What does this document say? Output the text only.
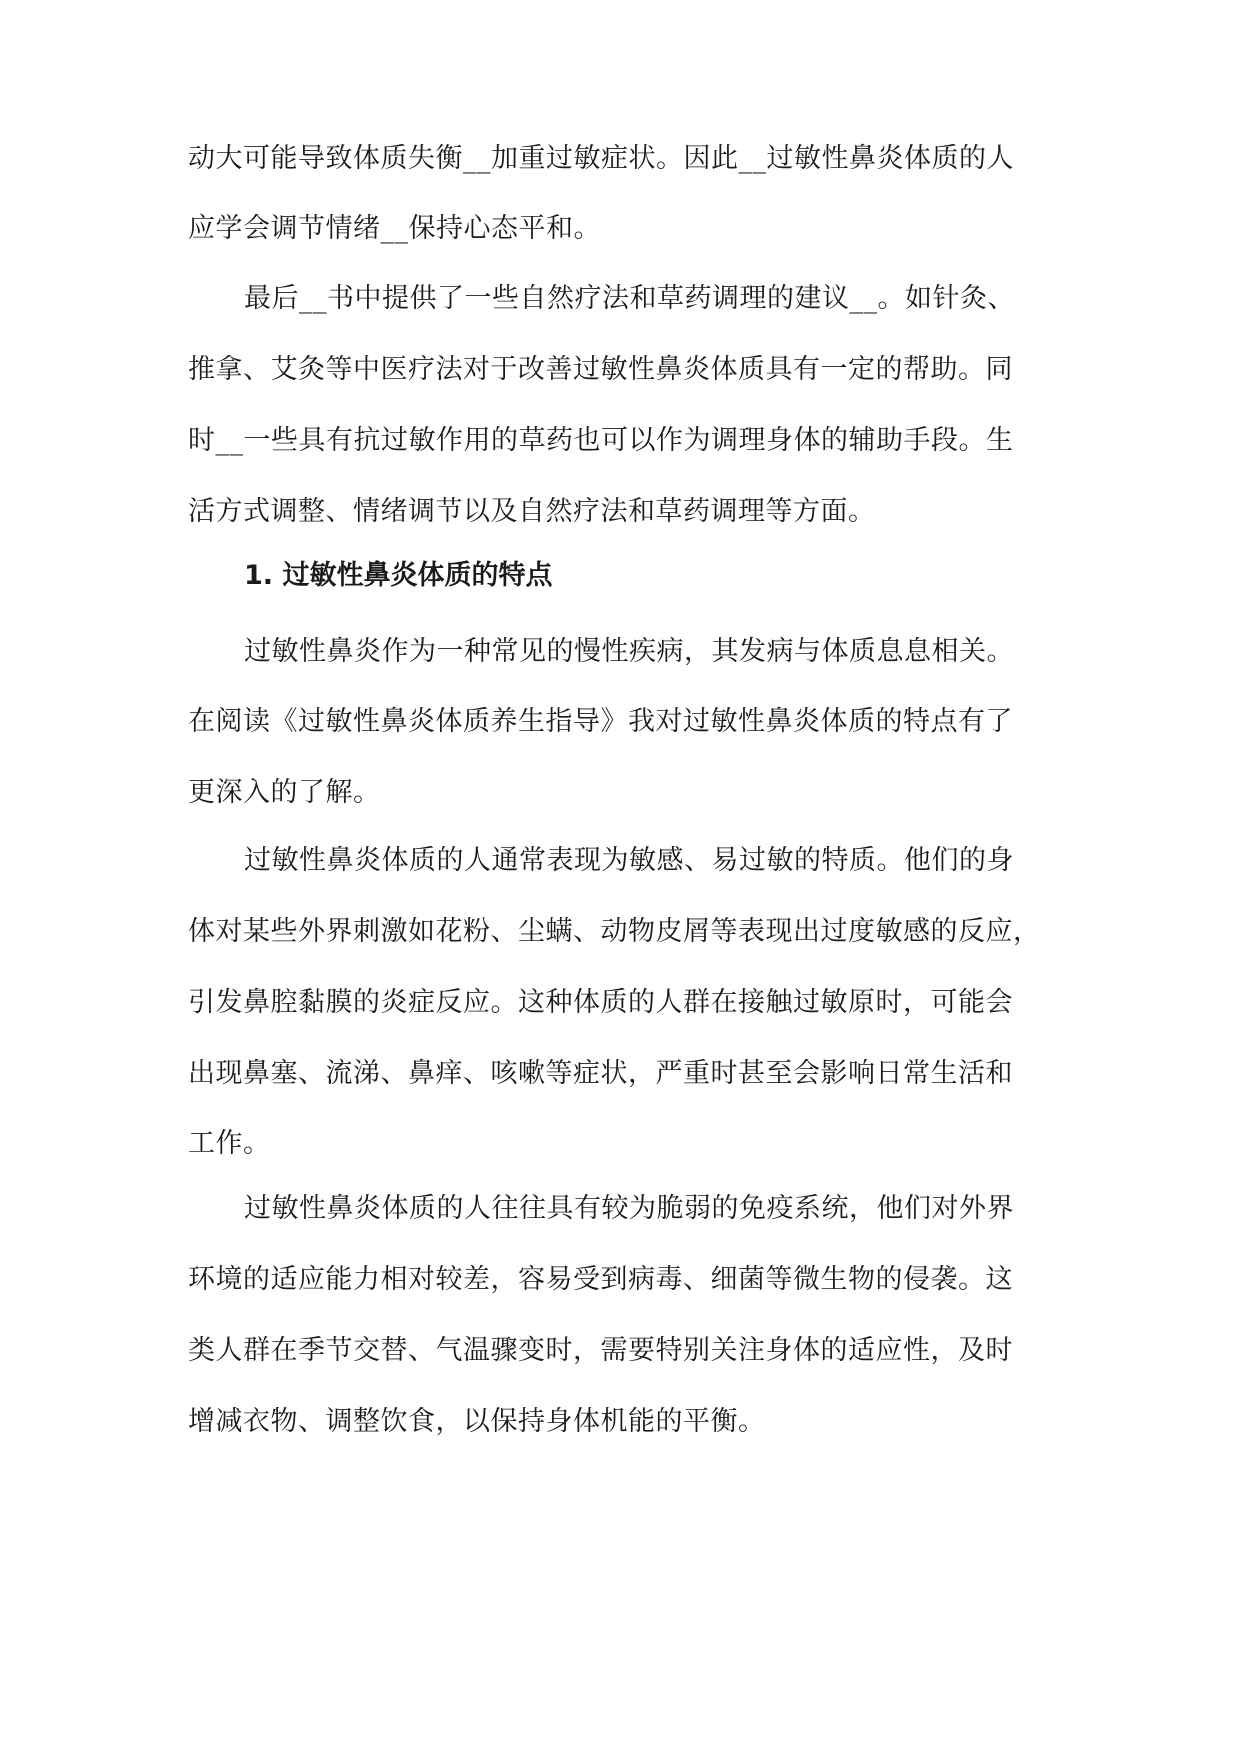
动大可能导致体质失衡__加重过敏症状。因此__过敏性鼻炎体质的人
应学会调节情绪__保持心态平和。
最后__书中提供了一些自然疗法和草药调理的建议__。如针灸、
推拿、艾灸等中医疗法对于改善过敏性鼻炎体质具有一定的帮助。同
时__一些具有抗过敏作用的草药也可以作为调理身体的辅助手段。生
活方式调整、情绪调节以及自然疗法和草药调理等方面。
1. 过敏性鼻炎体质的特点
过敏性鼻炎作为一种常见的慢性疾病，其发病与体质息息相关。
在阅读《过敏性鼻炎体质养生指导》我对过敏性鼻炎体质的特点有了
更深入的了解。
过敏性鼻炎体质的人通常表现为敏感、易过敏的特质。他们的身
体对某些外界刺激如花粉、尘螨、动物皮屑等表现出过度敏感的反应，
引发鼻腔黏膜的炎症反应。这种体质的人群在接触过敏原时，可能会
出现鼻塞、流涕、鼻痒、咳嗽等症状，严重时甚至会影响日常生活和
工作。
过敏性鼻炎体质的人往往具有较为脆弱的免疫系统，他们对外界
环境的适应能力相对较差，容易受到病毒、细菌等微生物的侵袭。这
类人群在季节交替、气温骤变时，需要特别关注身体的适应性，及时
增减衣物、调整饮食，以保持身体机能的平衡。
